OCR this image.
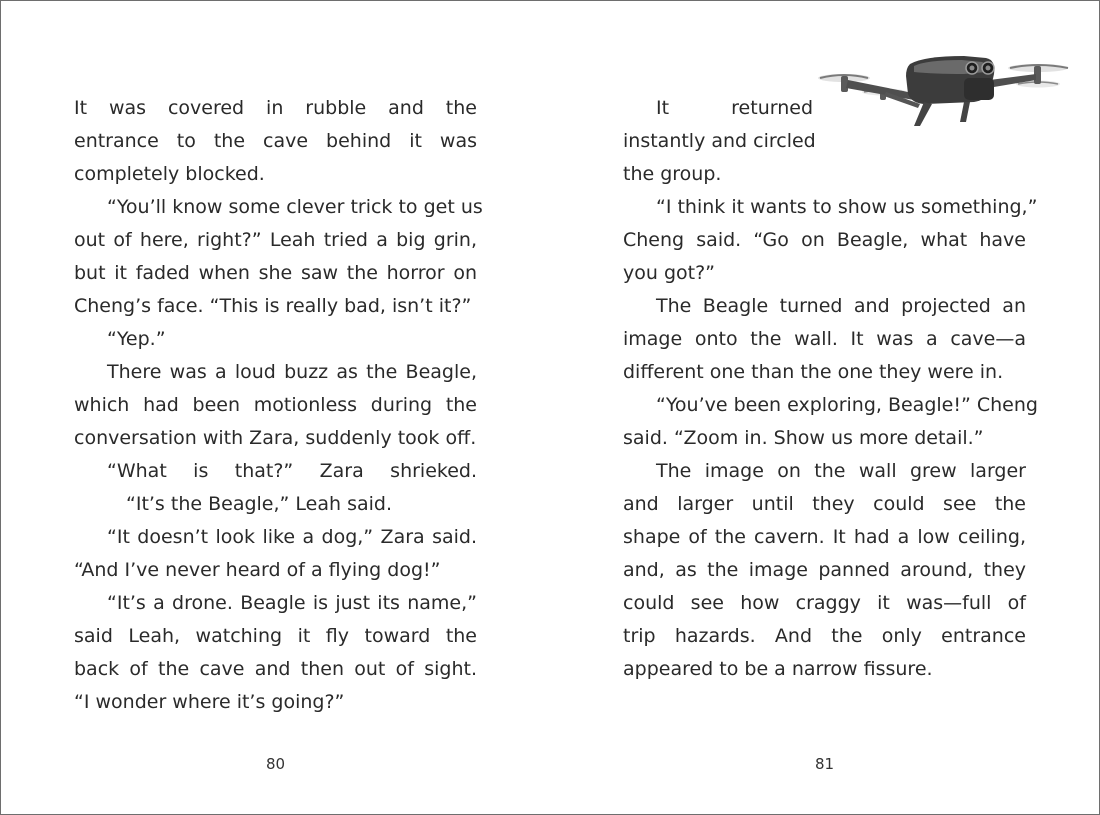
It was covered in rubble and the
entrance to the cave behind it was
completely blocked.
“You’ll know some clever trick to get us
out of here, right?” Leah tried a big grin,
but it faded when she saw the horror on
Cheng’s face. “This is really bad, isn’t it?”
“Yep.”
There was a loud buzz as the Beagle,
which had been motionless during the
conversation with Zara, suddenly took off.
“What is that?” Zara shrieked.
“It’s the Beagle,” Leah said.
“It doesn’t look like a dog,” Zara said.
“And I’ve never heard of a flying dog!”
“It’s a drone. Beagle is just its name,”
said Leah, watching it fly toward the
back of the cave and then out of sight.
“I wonder where it’s going?”
It returned
instantly and circled
the group.
“I think it wants to show us something,”
Cheng said. “Go on Beagle, what have
you got?”
The Beagle turned and projected an
image onto the wall. It was a cave—a
different one than the one they were in.
“You’ve been exploring, Beagle!” Cheng
said. “Zoom in. Show us more detail.”
The image on the wall grew larger
and larger until they could see the
shape of the cavern. It had a low ceiling,
and, as the image panned around, they
could see how craggy it was—full of
trip hazards. And the only entrance
appeared to be a narrow fissure.
80	81
